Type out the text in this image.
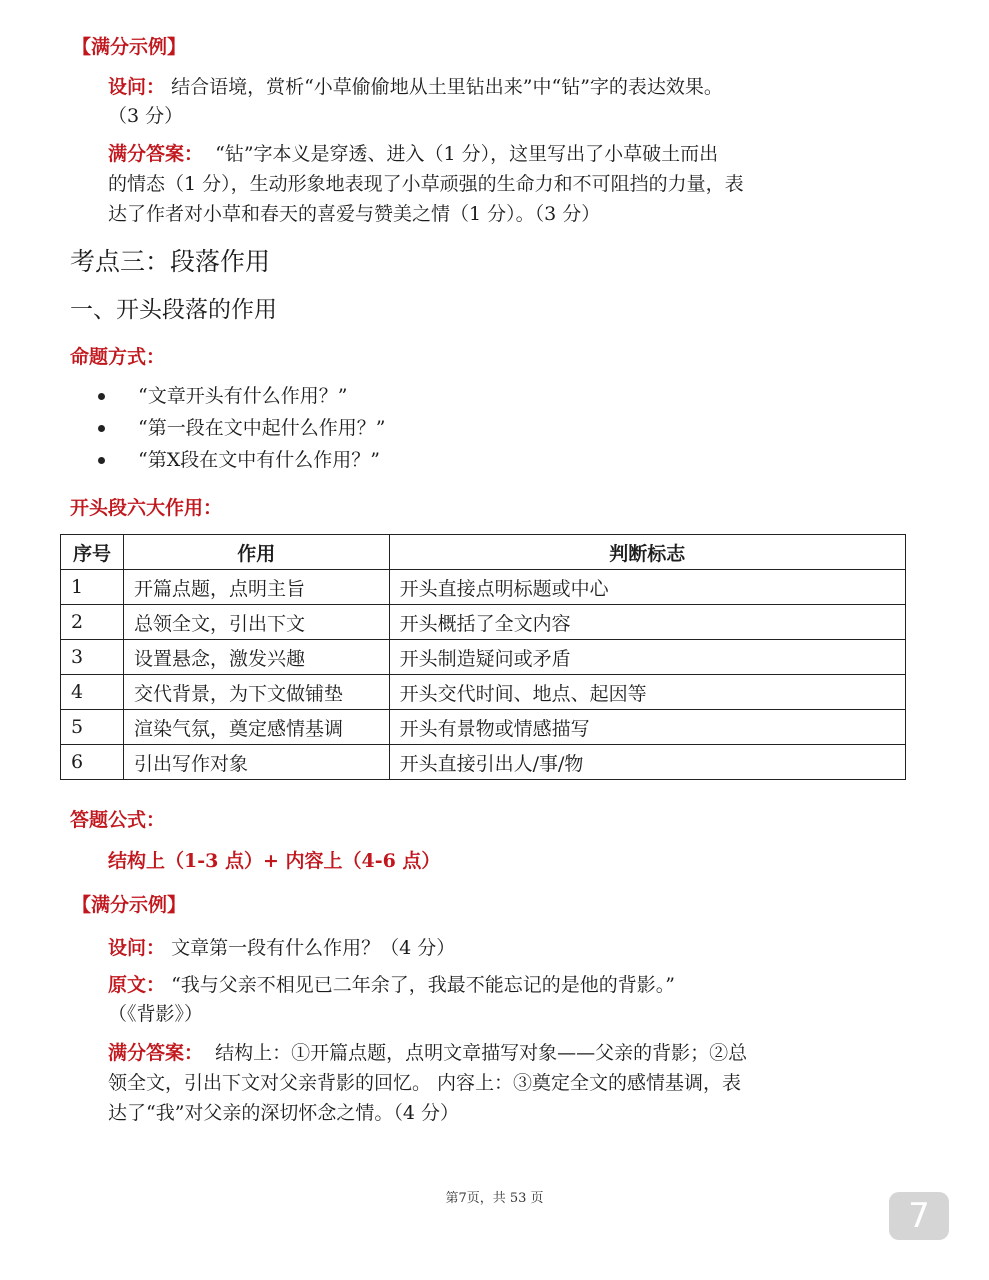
【满分示例】
设问： 结合语境，赏析“小草偷偷地从土里钻出来”中“钻”字的表达效果。
（3 分）
满分答案： “钻”字本义是穿透、进入（1 分），这里写出了小草破土而出
的情态（1 分），生动形象地表现了小草顽强的生命力和不可阻挡的力量，表
达了作者对小草和春天的喜爱与赞美之情（1 分）。（3 分）
考点三：段落作用
一、开头段落的作用
命题方式：
“文章开头有什么作用？”
“第一段在文中起什么作用？”
“第X段在文中有什么作用？”
开头段六大作用：
序号	作用	判断标志
1	开篇点题，点明主旨	开头直接点明标题或中心
2	总领全文，引出下文	开头概括了全文内容
3	设置悬念，激发兴趣	开头制造疑问或矛盾
4	交代背景，为下文做铺垫	开头交代时间、地点、起因等
5	渲染气氛，奠定感情基调	开头有景物或情感描写
6	引出写作对象	开头直接引出人/事/物
答题公式：
结构上（1-3 点）+ 内容上（4-6 点）
【满分示例】
设问： 文章第一段有什么作用？（4 分）
原文： “我与父亲不相见已二年余了，我最不能忘记的是他的背影。”
（《背影》）
满分答案： 结构上：①开篇点题，点明文章描写对象——父亲的背影；②总
领全文，引出下文对父亲背影的回忆。 内容上：③奠定全文的感情基调，表
达了“我”对父亲的深切怀念之情。（4 分）
第7页，共 53 页	7
